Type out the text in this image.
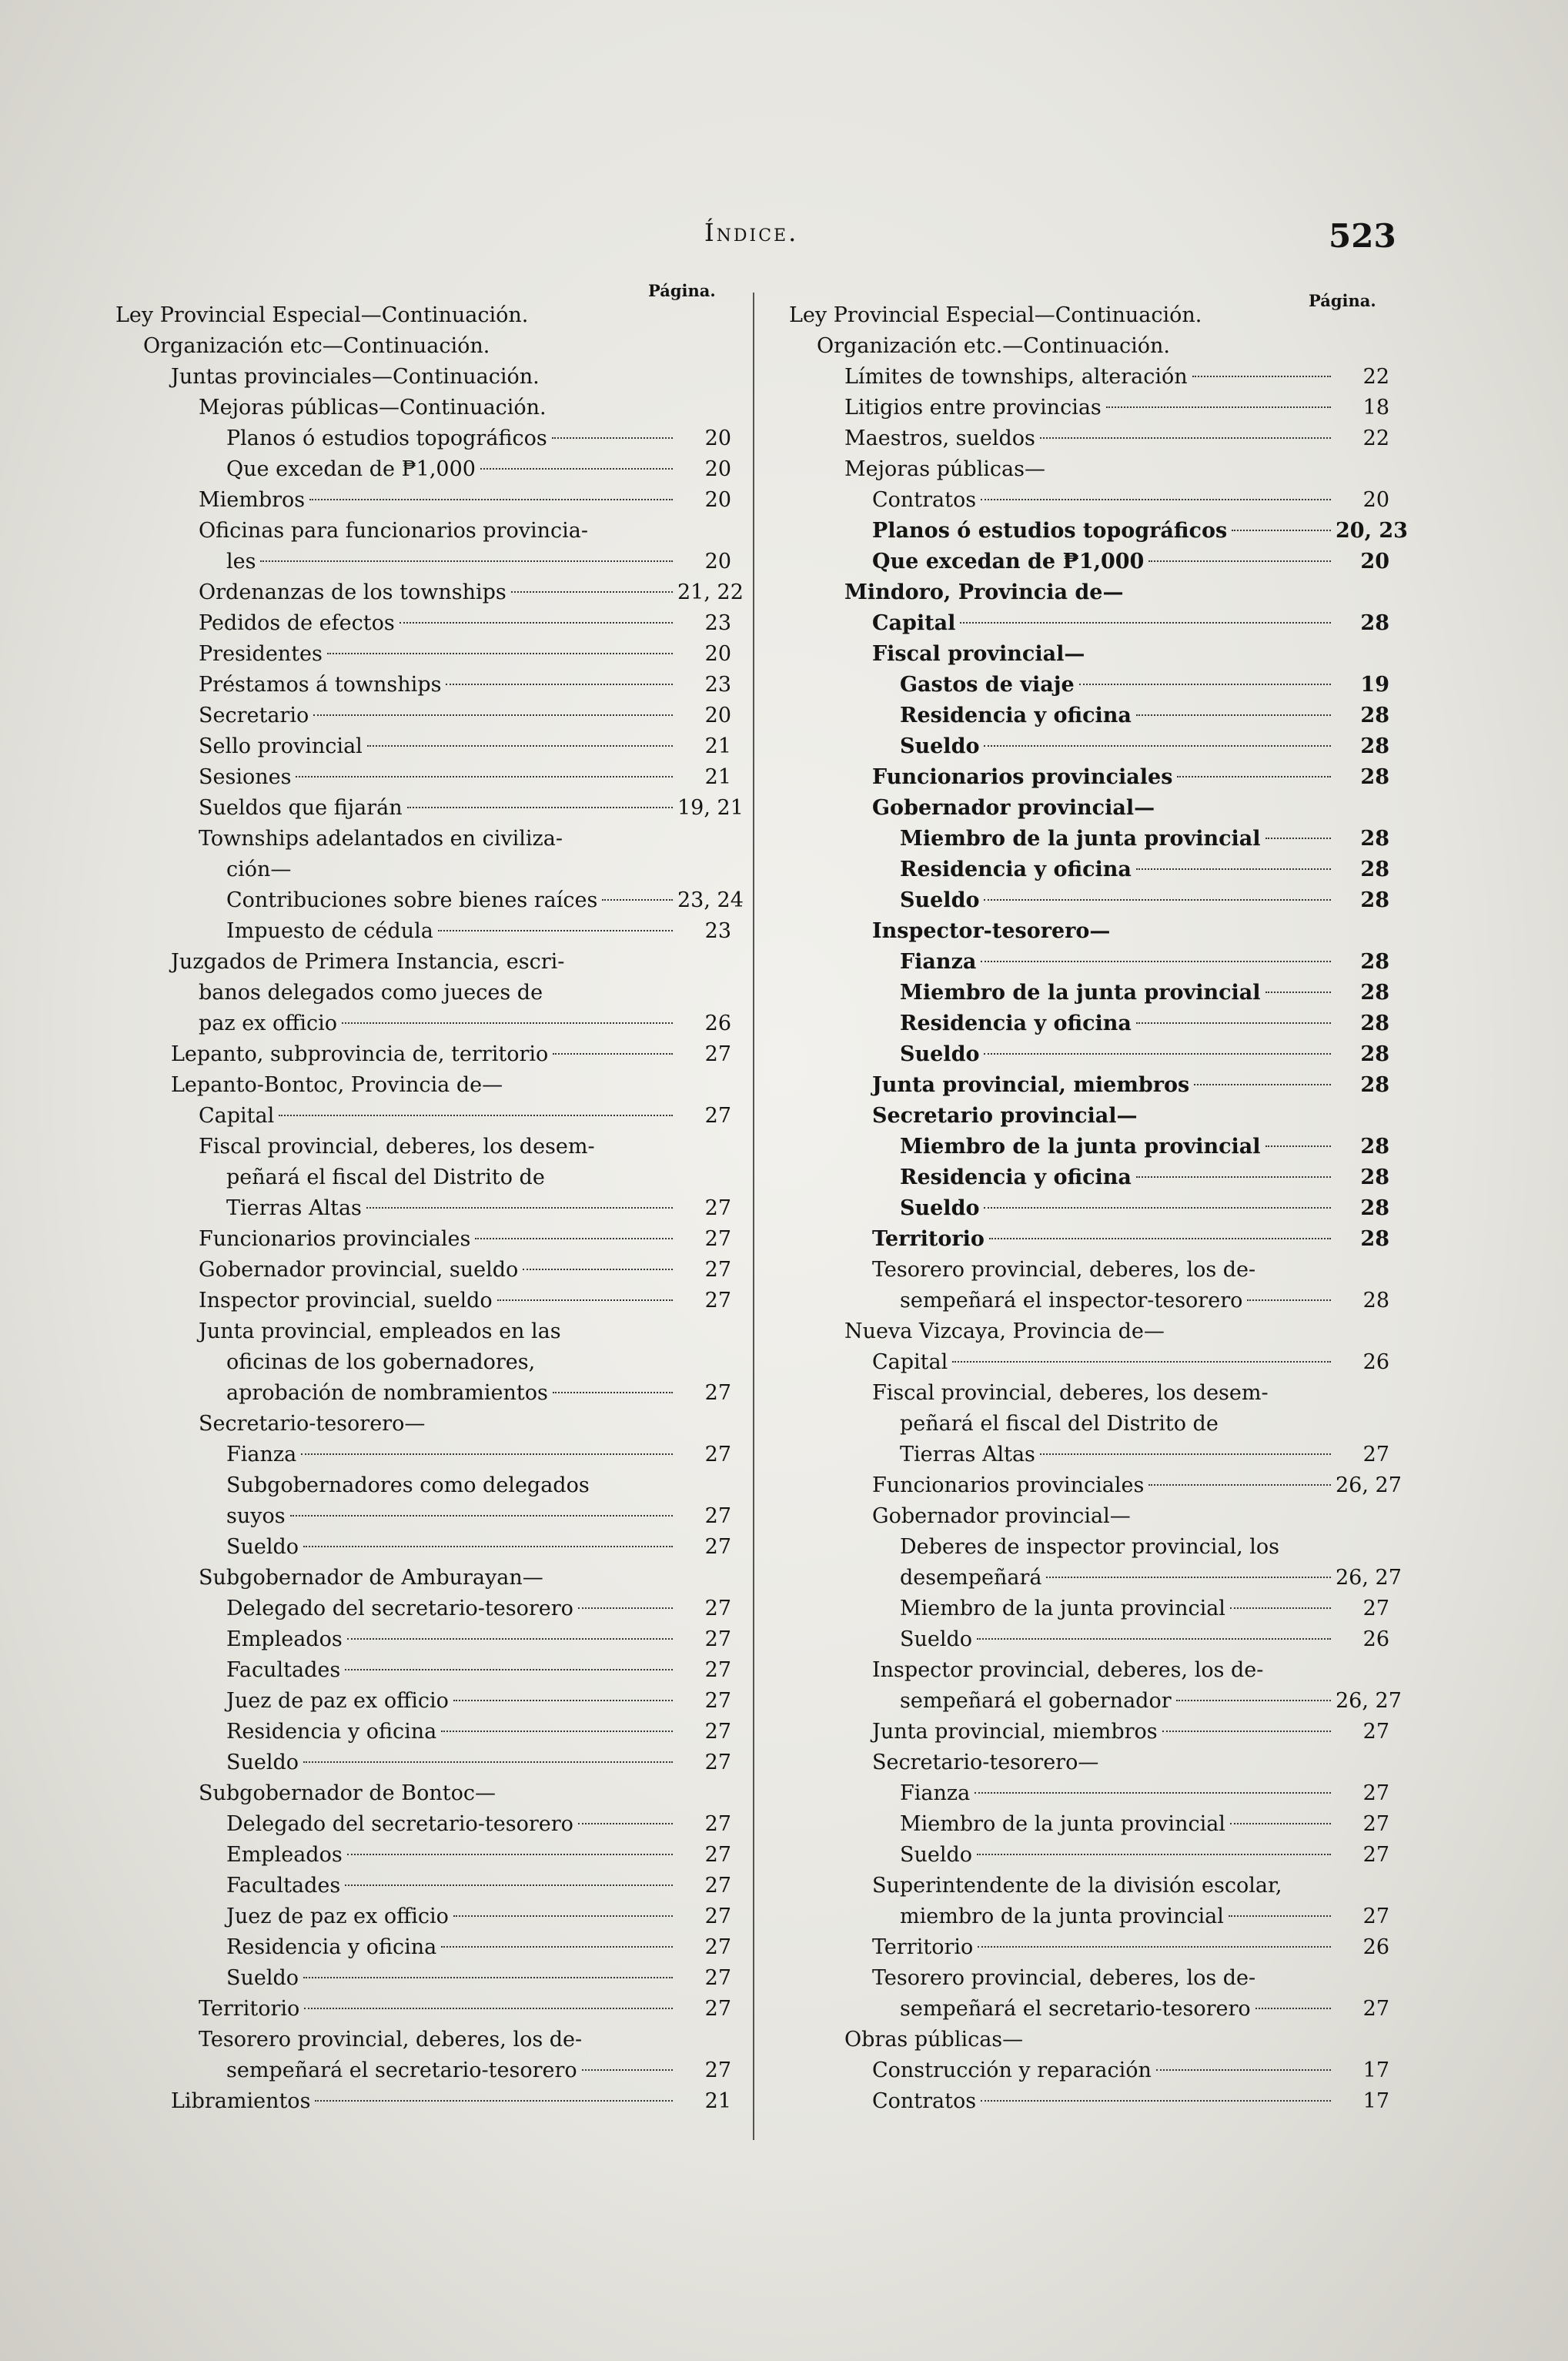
Índice.	523
Página.
Página.
Ley Provincial Especial—Continuación.
Organización etc—Continuación.
Juntas provinciales—Continuación.
Mejoras públicas—Continuación.
Planos ó estudios topográficos	20
Que excedan de ₱1,000	20
Miembros	20
Oficinas para funcionarios provincia-
les	20
Ordenanzas de los townships	21, 22
Pedidos de efectos	23
Presidentes	20
Préstamos á townships	23
Secretario	20
Sello provincial	21
Sesiones	21
Sueldos que fijarán	19, 21
Townships adelantados en civiliza-
ción—
Contribuciones sobre bienes raíces	23, 24
Impuesto de cédula	23
Juzgados de Primera Instancia, escri-
banos delegados como jueces de
paz ex officio	26
Lepanto, subprovincia de, territorio	27
Lepanto-Bontoc, Provincia de—
Capital	27
Fiscal provincial, deberes, los desem-
peñará el fiscal del Distrito de
Tierras Altas	27
Funcionarios provinciales	27
Gobernador provincial, sueldo	27
Inspector provincial, sueldo	27
Junta provincial, empleados en las
oficinas de los gobernadores,
aprobación de nombramientos	27
Secretario-tesorero—
Fianza	27
Subgobernadores como delegados
suyos	27
Sueldo	27
Subgobernador de Amburayan—
Delegado del secretario-tesorero	27
Empleados	27
Facultades	27
Juez de paz ex officio	27
Residencia y oficina	27
Sueldo	27
Subgobernador de Bontoc—
Delegado del secretario-tesorero	27
Empleados	27
Facultades	27
Juez de paz ex officio	27
Residencia y oficina	27
Sueldo	27
Territorio	27
Tesorero provincial, deberes, los de-
sempeñará el secretario-tesorero	27
Libramientos	21
Ley Provincial Especial—Continuación.
Organización etc.—Continuación.
Límites de townships, alteración	22
Litigios entre provincias	18
Maestros, sueldos	22
Mejoras públicas—
Contratos	20
Planos ó estudios topográficos	20, 23
Que excedan de ₱1,000	20
Mindoro, Provincia de—
Capital	28
Fiscal provincial—
Gastos de viaje	19
Residencia y oficina	28
Sueldo	28
Funcionarios provinciales	28
Gobernador provincial—
Miembro de la junta provincial	28
Residencia y oficina	28
Sueldo	28
Inspector-tesorero—
Fianza	28
Miembro de la junta provincial	28
Residencia y oficina	28
Sueldo	28
Junta provincial, miembros	28
Secretario provincial—
Miembro de la junta provincial	28
Residencia y oficina	28
Sueldo	28
Territorio	28
Tesorero provincial, deberes, los de-
sempeñará el inspector-tesorero	28
Nueva Vizcaya, Provincia de—
Capital	26
Fiscal provincial, deberes, los desem-
peñará el fiscal del Distrito de
Tierras Altas	27
Funcionarios provinciales	26, 27
Gobernador provincial—
Deberes de inspector provincial, los
desempeñará	26, 27
Miembro de la junta provincial	27
Sueldo	26
Inspector provincial, deberes, los de-
sempeñará el gobernador	26, 27
Junta provincial, miembros	27
Secretario-tesorero—
Fianza	27
Miembro de la junta provincial	27
Sueldo	27
Superintendente de la división escolar,
miembro de la junta provincial	27
Territorio	26
Tesorero provincial, deberes, los de-
sempeñará el secretario-tesorero	27
Obras públicas—
Construcción y reparación	17
Contratos	17
